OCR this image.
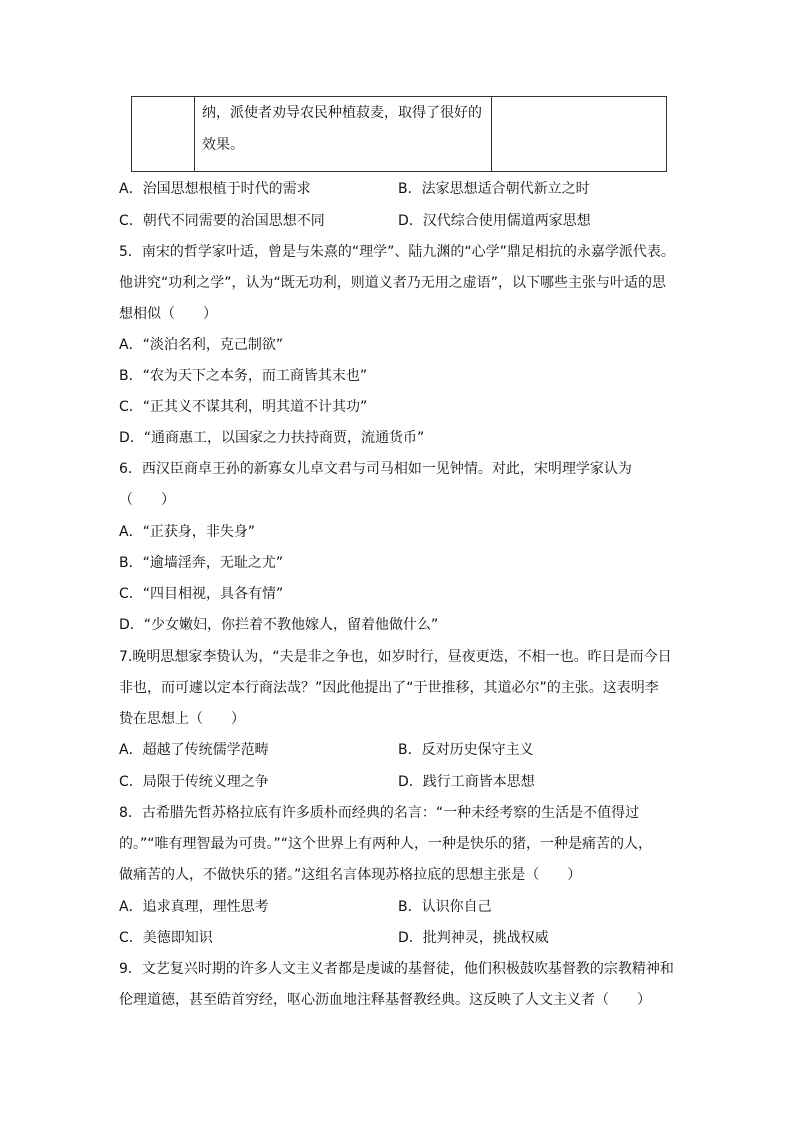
纳，派使者劝导农民种植菽麦，取得了很好的
效果。

A．治国思想根植于时代的需求	B．法家思想适合朝代新立之时
C．朝代不同需要的治国思想不同	D．汉代综合使用儒道两家思想
5．南宋的哲学家叶适，曾是与朱熹的“理学”、陆九渊的“心学”鼎足相抗的永嘉学派代表。
他讲究“功利之学”，认为“既无功利，则道义者乃无用之虚语”，以下哪些主张与叶适的思
想相似（　　）
A．“淡泊名利，克己制欲”
B．“农为天下之本务，而工商皆其末也”
C．“正其义不谋其利，明其道不计其功”
D．“通商惠工，以国家之力扶持商贾，流通货币”
6．西汉臣商卓王孙的新寡女儿卓文君与司马相如一见钟情。对此，宋明理学家认为
（　　）
A．“正获身，非失身”
B．“逾墙淫奔，无耻之尤”
C．“四目相视，具各有情”
D．“少女嫩妇，你拦着不教他嫁人，留着他做什么”
7.晚明思想家李贽认为，“夫是非之争也，如岁时行，昼夜更迭，不相一也。昨日是而今日
非也，而可遽以定本行商法哉？”因此他提出了“于世推移，其道必尔”的主张。这表明李
贽在思想上（　　）
A．超越了传统儒学范畴	B．反对历史保守主义
C．局限于传统义理之争	D．践行工商皆本思想
8．古希腊先哲苏格拉底有许多质朴而经典的名言：“一种未经考察的生活是不值得过
的。”“唯有理智最为可贵。”“这个世界上有两种人，一种是快乐的猪，一种是痛苦的人，
做痛苦的人，不做快乐的猪。”这组名言体现苏格拉底的思想主张是（　　）
A．追求真理，理性思考	B．认识你自己
C．美德即知识	D．批判神灵，挑战权威
9．文艺复兴时期的许多人文主义者都是虔诚的基督徒，他们积极鼓吹基督教的宗教精神和
伦理道德，甚至皓首穷经，呕心沥血地注释基督教经典。这反映了人文主义者（　　）
